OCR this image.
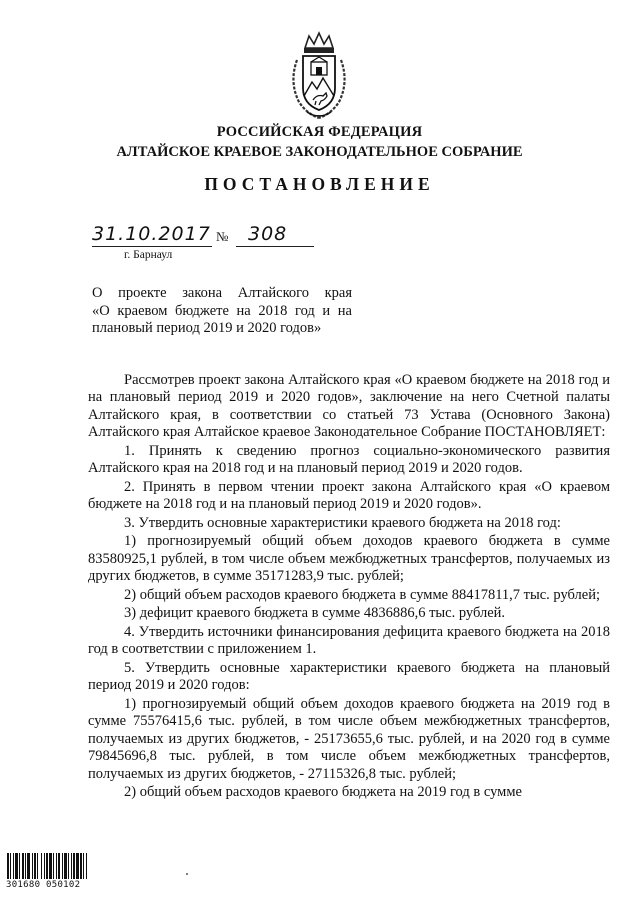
РОССИЙСКАЯ ФЕДЕРАЦИЯ
АЛТАЙСКОЕ КРАЕВОЕ ЗАКОНОДАТЕЛЬНОЕ СОБРАНИЕ
ПОСТАНОВЛЕНИЕ
31.10.2017 №	308
г. Барнаул

О проекте закона Алтайского края

«О краевом бюджете на 2018 год и на

плановый период 2019 и 2020 годов»

Рассмотрев проект закона Алтайского края «О краевом бюджете на 2018 год и на плановый период 2019 и 2020 годов», заключение на него Счетной палаты Алтайского края, в соответствии со статьей 73 Устава (Основного Закона) Алтайского края Алтайское краевое Законодательное Собрание ПОСТАНОВЛЯЕТ:

1. Принять к сведению прогноз социально-экономического развития Алтайского края на 2018 год и на плановый период 2019 и 2020 годов.

2. Принять в первом чтении проект закона Алтайского края «О краевом бюджете на 2018 год и на плановый период 2019 и 2020 годов».

3. Утвердить основные характеристики краевого бюджета на 2018 год:

1) прогнозируемый общий объем доходов краевого бюджета в сумме 83580925,1 рублей, в том числе объем межбюджетных трансфертов, получаемых из других бюджетов, в сумме 35171283,9 тыс. рублей;

2) общий объем расходов краевого бюджета в сумме 88417811,7 тыс. рублей;

3) дефицит краевого бюджета в сумме 4836886,6 тыс. рублей.

4. Утвердить источники финансирования дефицита краевого бюджета на 2018 год в соответствии с приложением 1.

5. Утвердить основные характеристики краевого бюджета на плановый период 2019 и 2020 годов:

1) прогнозируемый общий объем доходов краевого бюджета на 2019 год в сумме 75576415,6 тыс. рублей, в том числе объем межбюджетных трансфертов, получаемых из других бюджетов, - 25173655,6 тыс. рублей, и на 2020 год в сумме 79845696,8 тыс. рублей, в том числе объем межбюджетных трансфертов, получаемых из других бюджетов, - 27115326,8 тыс. рублей;

2) общий объем расходов краевого бюджета на 2019 год в сумме

301680 050102
